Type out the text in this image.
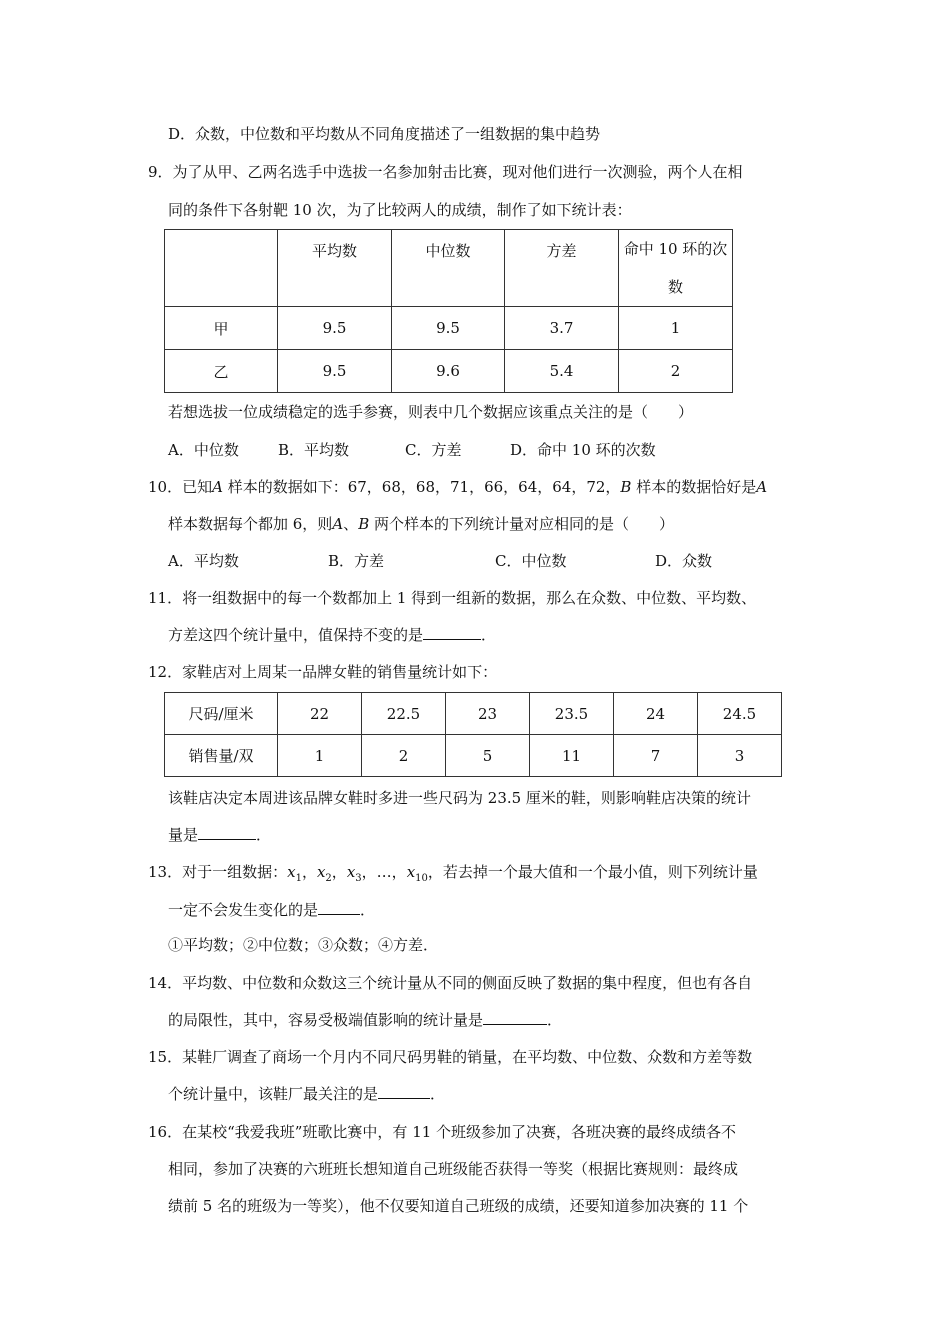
D．众数，中位数和平均数从不同角度描述了一组数据的集中趋势
9．为了从甲、乙两名选手中选拔一名参加射击比赛，现对他们进行一次测验，两个人在相
同的条件下各射靶 10 次，为了比较两人的成绩，制作了如下统计表：
	平均数	中位数	方差	命中 10 环的次
数
甲	9.5	9.5	3.7	1
乙	9.5	9.6	5.4	2
若想选拔一位成绩稳定的选手参赛，则表中几个数据应该重点关注的是（　　）
A．中位数	B．平均数	C．方差	D．命中 10 环的次数
10．已知A 样本的数据如下：67，68，68，71，66，64，64，72，B 样本的数据恰好是A
样本数据每个都加 6，则A、B 两个样本的下列统计量对应相同的是（　　）
A．平均数	B．方差	C．中位数	D．众数
11．将一组数据中的每一个数都加上 1 得到一组新的数据，那么在众数、中位数、平均数、
方差这四个统计量中，值保持不变的是	．
12．家鞋店对上周某一品牌女鞋的销售量统计如下：
尺码/厘米	22	22.5	23	23.5	24	24.5
销售量/双	1	2	5	11	7	3
该鞋店决定本周进该品牌女鞋时多进一些尺码为 23.5 厘米的鞋，则影响鞋店决策的统计
量是	．
13．对于一组数据：$x_1$，$x_2$，$x_3$，…，$x_{10}$，若去掉一个最大值和一个最小值，则下列统计量
一定不会发生变化的是	．
①平均数；②中位数；③众数；④方差．
14．平均数、中位数和众数这三个统计量从不同的侧面反映了数据的集中程度，但也有各自
的局限性，其中，容易受极端值影响的统计量是	．
15．某鞋厂调查了商场一个月内不同尺码男鞋的销量，在平均数、中位数、众数和方差等数
个统计量中，该鞋厂最关注的是	．
16．在某校“我爱我班”班歌比赛中，有 11 个班级参加了决赛，各班决赛的最终成绩各不
相同，参加了决赛的六班班长想知道自己班级能否获得一等奖（根据比赛规则：最终成
绩前 5 名的班级为一等奖），他不仅要知道自己班级的成绩，还要知道参加决赛的 11 个
